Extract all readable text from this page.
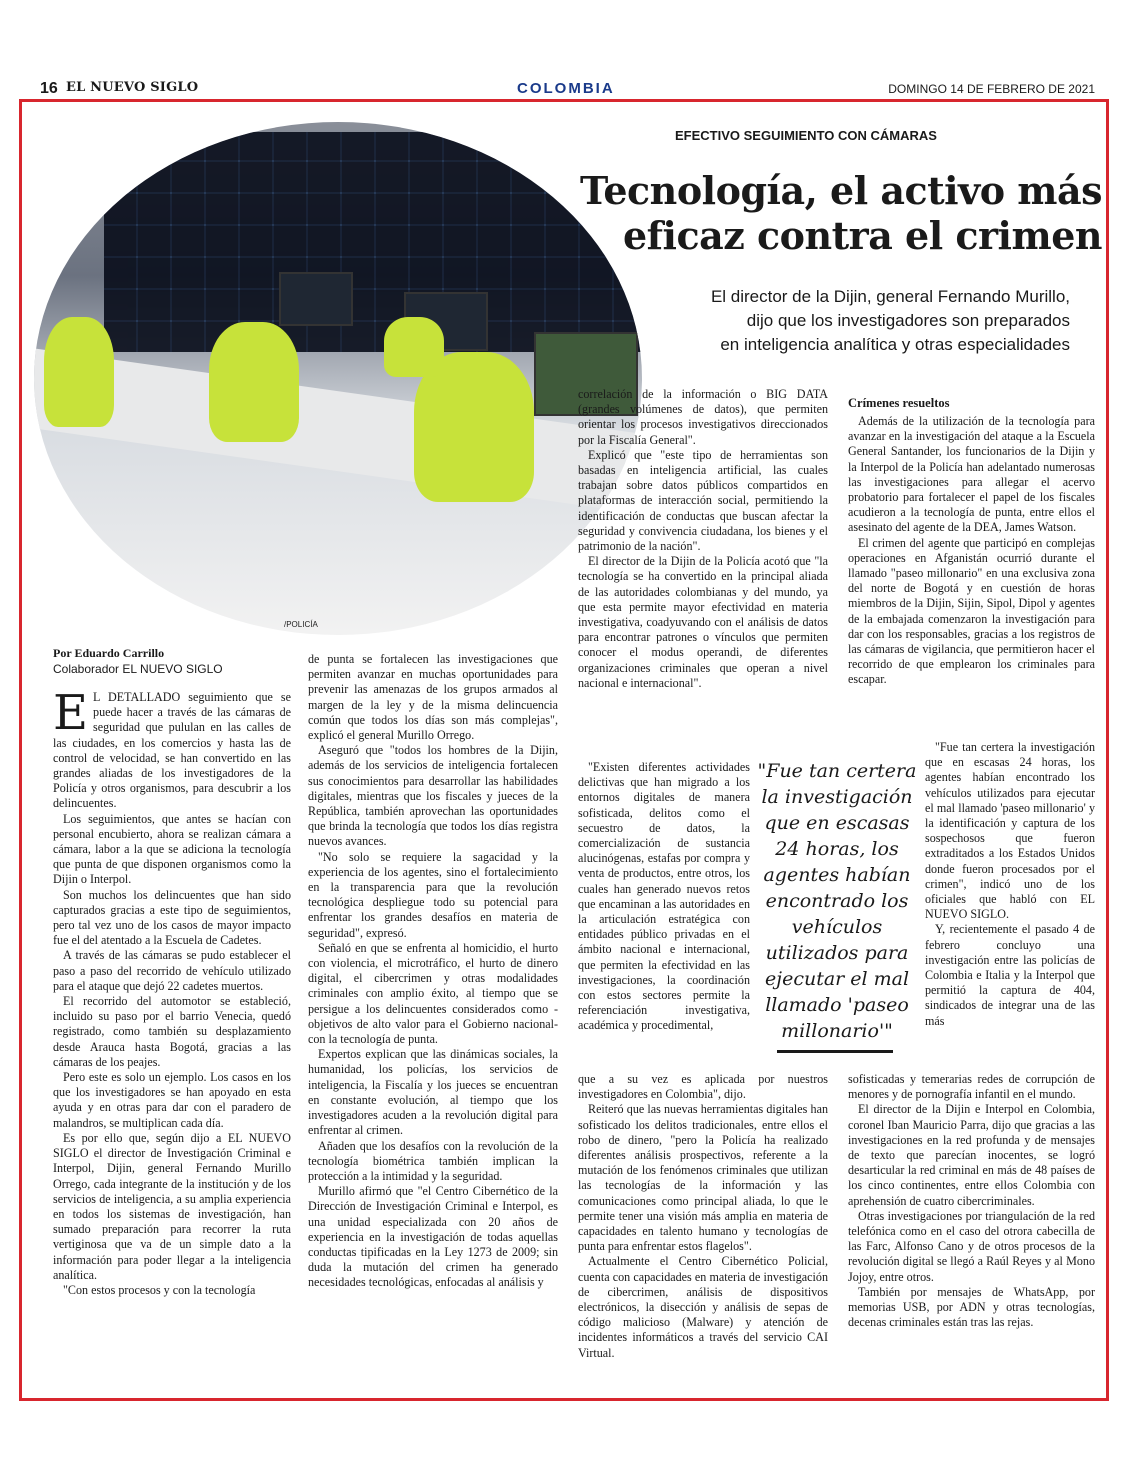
16 EL NUEVO SIGLO	COLOMBIA	DOMINGO 14 DE FEBRERO DE 2021
/POLICÍA
EFECTIVO SEGUIMIENTO CON CÁMARAS
Tecnología, el activo más
eficaz contra el crimen
El director de la Dijin, general Fernando Murillo,
dijo que los investigadores son preparados
en inteligencia analítica y otras especialidades
Por Eduardo Carrillo
Colaborador EL NUEVO SIGLO

E L DETALLADO seguimiento que se puede hacer a través de las cámaras de seguridad que pululan en las calles de las ciudades, en los comercios y hasta las de control de velocidad, se han convertido en las grandes aliadas de los investigadores de la Policía y otros organismos, para descubrir a los delincuentes.

Los seguimientos, que antes se hacían con personal encubierto, ahora se realizan cámara a cámara, labor a la que se adiciona la tecnología que punta de que disponen organismos como la Dijin o Interpol.

Son muchos los delincuentes que han sido capturados gracias a este tipo de seguimientos, pero tal vez uno de los casos de mayor impacto fue el del atentado a la Escuela de Cadetes.

A través de las cámaras se pudo establecer el paso a paso del recorrido de vehículo utilizado para el ataque que dejó 22 cadetes muertos.

El recorrido del automotor se estableció, incluido su paso por el barrio Venecia, quedó registrado, como también su desplazamiento desde Arauca hasta Bogotá, gracias a las cámaras de los peajes.

Pero este es solo un ejemplo. Los casos en los que los investigadores se han apoyado en esta ayuda y en otras para dar con el paradero de malandros, se multiplican cada día.

Es por ello que, según dijo a EL NUEVO SIGLO el director de Investigación Criminal e Interpol, Dijin, general Fernando Murillo Orrego, cada integrante de la institución y de los servicios de inteligencia, a su amplia experiencia en todos los sistemas de investigación, han sumado preparación para recorrer la ruta vertiginosa que va de un simple dato a la información para poder llegar a la inteligencia analítica.

"Con estos procesos y con la tecnología

de punta se fortalecen las investigaciones que permiten avanzar en muchas oportunidades para prevenir las amenazas de los grupos armados al margen de la ley y de la misma delincuencia común que todos los días son más complejas", explicó el general Murillo Orrego.

Aseguró que "todos los hombres de la Dijin, además de los servicios de inteligencia fortalecen sus conocimientos para desarrollar las habilidades digitales, mientras que los fiscales y jueces de la República, también aprovechan las oportunidades que brinda la tecnología que todos los días registra nuevos avances.

"No solo se requiere la sagacidad y la experiencia de los agentes, sino el fortalecimiento en la transparencia para que la revolución tecnológica despliegue todo su potencial para enfrentar los grandes desafíos en materia de seguridad", expresó.

Señaló en que se enfrenta al homicidio, el hurto con violencia, el microtráfico, el hurto de dinero digital, el cibercrimen y otras modalidades criminales con amplio éxito, al tiempo que se persigue a los delincuentes considerados como -objetivos de alto valor para el Gobierno nacional- con la tecnología de punta.

Expertos explican que las dinámicas sociales, la humanidad, los policías, los servicios de inteligencia, la Fiscalía y los jueces se encuentran en constante evolución, al tiempo que los investigadores acuden a la revolución digital para enfrentar al crimen.

Añaden que los desafíos con la revolución de la tecnología biométrica también implican la protección a la intimidad y la seguridad.

Murillo afirmó que "el Centro Cibernético de la Dirección de Investigación Criminal e Interpol, es una unidad especializada con 20 años de experiencia en la investigación de todas aquellas conductas tipificadas en la Ley 1273 de 2009; sin duda la mutación del crimen ha generado necesidades tecnológicas, enfocadas al análisis y

correlación de la información o BIG DATA (grandes volúmenes de datos), que permiten orientar los procesos investigativos direccionados por la Fiscalía General".

Explicó que "este tipo de herramientas son basadas en inteligencia artificial, las cuales trabajan sobre datos públicos compartidos en plataformas de interacción social, permitiendo la identificación de conductas que buscan afectar la seguridad y convivencia ciudadana, los bienes y el patrimonio de la nación".

El director de la Dijin de la Policía acotó que "la tecnología se ha convertido en la principal aliada de las autoridades colombianas y del mundo, ya que esta permite mayor efectividad en materia investigativa, coadyuvando con el análisis de datos para encontrar patrones o vínculos que permiten conocer el modus operandi, de diferentes organizaciones criminales que operan a nivel nacional e internacional".

"Existen diferentes actividades delictivas que han migrado a los entornos digitales de manera sofisticada, delitos como el secuestro de datos, la comercialización de sustancia alucinógenas, estafas por compra y venta de productos, entre otros, los cuales han generado nuevos retos que encaminan a las autoridades en la articulación estratégica con entidades público privadas en el ámbito nacional e internacional, que permiten la efectividad en las investigaciones, la coordinación con estos sectores permite la referenciación investigativa, académica y procedimental,

que a su vez es aplicada por nuestros investigadores en Colombia", dijo.

Reiteró que las nuevas herramientas digitales han sofisticado los delitos tradicionales, entre ellos el robo de dinero, "pero la Policía ha realizado diferentes análisis prospectivos, referente a la mutación de los fenómenos criminales que utilizan las tecnologías de la información y las comunicaciones como principal aliada, lo que le permite tener una visión más amplia en materia de capacidades en talento humano y tecnologías de punta para enfrentar estos flagelos".

Actualmente el Centro Cibernético Policial, cuenta con capacidades en materia de investigación de cibercrimen, análisis de dispositivos electrónicos, la disección y análisis de sepas de código malicioso (Malware) y atención de incidentes informáticos a través del servicio CAI Virtual.

"Fue tan certera la investigación que en escasas 24 horas, los agentes habían encontrado los vehículos utilizados para ejecutar el mal llamado 'paseo millonario'"
Crímenes resueltos

Además de la utilización de la tecnología para avanzar en la investigación del ataque a la Escuela General Santander, los funcionarios de la Dijin y la Interpol de la Policía han adelantado numerosas las investigaciones para allegar el acervo probatorio para fortalecer el papel de los fiscales acudieron a la tecnología de punta, entre ellos el asesinato del agente de la DEA, James Watson.

El crimen del agente que participó en complejas operaciones en Afganistán ocurrió durante el llamado "paseo millonario" en una exclusiva zona del norte de Bogotá y en cuestión de horas miembros de la Dijin, Sijin, Sipol, Dipol y agentes de la embajada comenzaron la investigación para dar con los responsables, gracias a los registros de las cámaras de vigilancia, que permitieron hacer el recorrido de que emplearon los criminales para escapar.

"Fue tan certera la investigación que en escasas 24 horas, los agentes habían encontrado los vehículos utilizados para ejecutar el mal llamado 'paseo millonario' y la identificación y captura de los sospechosos que fueron extraditados a los Estados Unidos donde fueron procesados por el crimen", indicó uno de los oficiales que habló con EL NUEVO SIGLO.

Y, recientemente el pasado 4 de febrero concluyo una investigación entre las policías de Colombia e Italia y la Interpol que permitió la captura de 404, sindicados de integrar una de las más

sofisticadas y temerarias redes de corrupción de menores y de pornografía infantil en el mundo.

El director de la Dijin e Interpol en Colombia, coronel Iban Mauricio Parra, dijo que gracias a las investigaciones en la red profunda y de mensajes de texto que parecían inocentes, se logró desarticular la red criminal en más de 48 países de los cinco continentes, entre ellos Colombia con aprehensión de cuatro cibercriminales.

Otras investigaciones por triangulación de la red telefónica como en el caso del otrora cabecilla de las Farc, Alfonso Cano y de otros procesos de la revolución digital se llegó a Raúl Reyes y al Mono Jojoy, entre otros.

También por mensajes de WhatsApp, por memorias USB, por ADN y otras tecnologías, decenas criminales están tras las rejas.
